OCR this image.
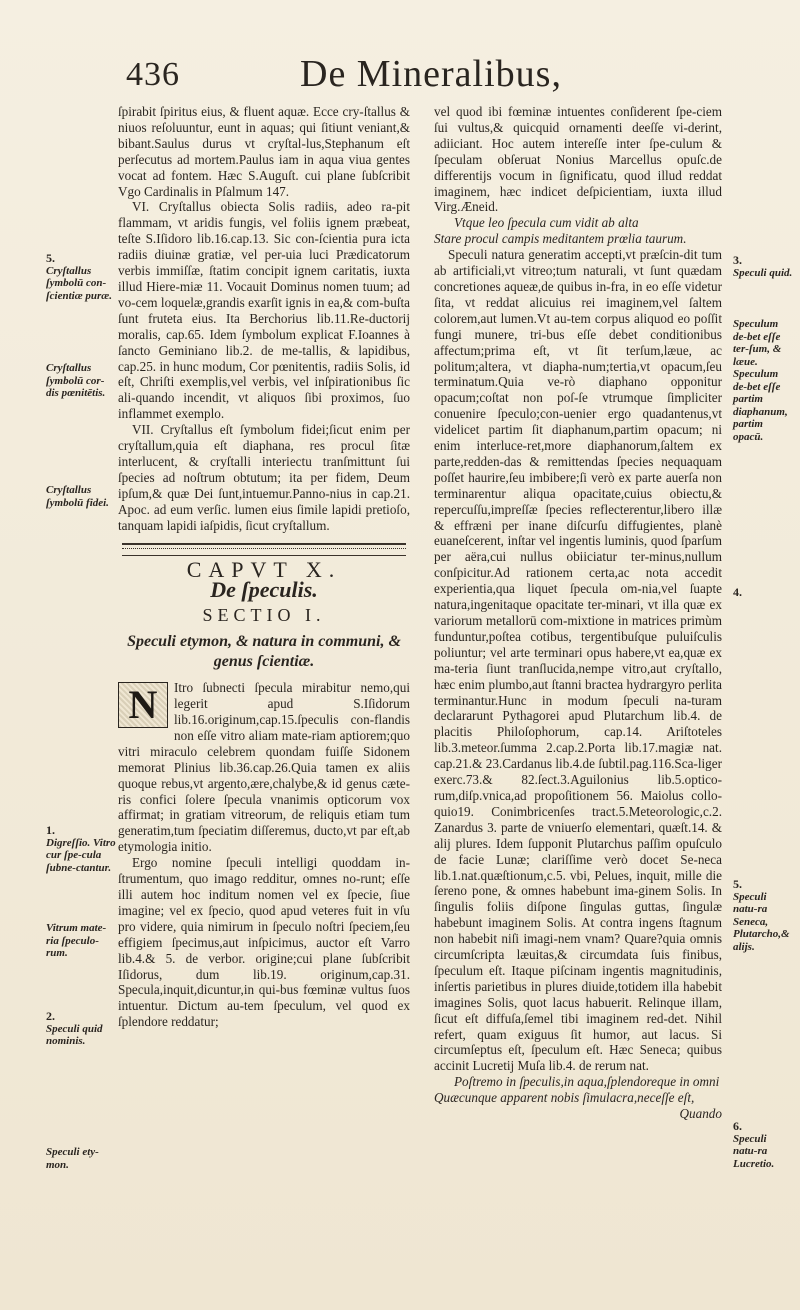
436	De Mineralibus,
5.
Cryſtallus ſymbolū con-ſcientiæ puræ.
Cryſtallus ſymbolū cor-dis pœnitētis.
Cryſtallus ſymbolū fidei.
1.
Digreſſio. Vitro cur ſpe-cula ſubne-ctantur.
Vitrum mate-ria ſpeculo-rum.
2.
Speculi quid nominis.
Speculi ety-mon.
3.
Speculi quid.
Speculum de-bet eſſe ter-ſum, & læue. Speculum de-bet eſſe partim diaphanum, partim opacū.
4.
5.
Speculi natu-ra Seneca, Plutarcho,& alijs.
6.
Speculi natu-ra Lucretio.

ſpirabit ſpiritus eius, & fluent aquæ. Ecce cry-ſtallus & niuos reſoluuntur, eunt in aquas; qui ſitiunt veniant,& bibant.Saulus durus vt cryſtal-lus,Stephanum eſt perſecutus ad mortem.Paulus iam in aqua viua gentes vocat ad fontem. Hæc S.Auguſt. cui plane ſubſcribit Vgo Cardinalis in Pſalmum 147.

VI. Cryſtallus obiecta Solis radiis, adeo ra-pit flammam, vt aridis fungis, vel foliis ignem præbeat, teſte S.Iſidoro lib.16.cap.13. Sic con-ſcientia pura icta radiis diuinæ gratiæ, vel per-uia luci Prædicatorum verbis immiſſæ, ſtatim concipit ignem caritatis, iuxta illud Hiere-miæ 11. Vocauit Dominus nomen tuum; ad vo-cem loquelæ,grandis exarſit ignis in ea,& com-buſta ſunt fruteta eius. Ita Berchorius lib.11.Re-ductorij moralis, cap.65. Idem ſymbolum explicat F.Ioannes à ſancto Geminiano lib.2. de me-tallis, & lapidibus, cap.25. in hunc modum, Cor pœnitentis, radiis Solis, id eſt, Chriſti exemplis,vel verbis, vel inſpirationibus ſic ali-quando incendit, vt aliquos ſibi proximos, ſuo inflammet exemplo.

VII. Cryſtallus eſt ſymbolum fidei;ſicut enim per cryſtallum,quia eſt diaphana, res procul ſitæ interlucent, & cryſtalli interiectu tranſmittunt ſui ſpecies ad noſtrum obtutum; ita per fidem, Deum ipſum,& quæ Dei ſunt,intuemur.Panno-nius in cap.21. Apoc. ad eum verſic. lumen eius ſimile lapidi pretioſo, tanquam lapidi iaſpidis, ſicut cryſtallum.

CAPVT X.
De ſpeculis.
SECTIO I.
Speculi etymon, & natura in communi, & genus ſcientiæ.
N	Itro ſubnecti ſpecula mirabitur nemo,qui legerit apud S.Iſidorum lib.16.originum,cap.15.ſpeculis con-flandis non eſſe vitro aliam mate-riam aptiorem;quo vitri miraculo celebrem quondam fuiſſe Sidonem memorat Plinius lib.36.cap.26.Quia tamen ex aliis quoque rebus,vt argento,ære,chalybe,& id genus cæte-ris confici ſolere ſpecula vnanimis opticorum vox affirmat; in gratiam vitreorum, de reliquis etiam tum generatim,tum ſpeciatim diſſeremus, ducto,vt par eſt,ab etymologia initio.

Ergo nomine ſpeculi intelligi quoddam in-ſtrumentum, quo imago redditur, omnes no-runt; eſſe illi autem hoc inditum nomen vel ex ſpecie, ſiue imagine; vel ex ſpecio, quod apud veteres fuit in vſu pro videre, quia nimirum in ſpeculo noſtri ſpeciem,ſeu effigiem ſpecimus,aut inſpicimus, auctor eſt Varro lib.4.& 5. de verbor. origine;cui plane ſubſcribit Iſidorus, dum lib.19. originum,cap.31. Specula,inquit,dicuntur,in qui-bus fœminæ vultus ſuos intuentur. Dictum au-tem ſpeculum, vel quod ex ſplendore reddatur;

vel quod ibi fœminæ intuentes conſiderent ſpe-ciem ſui vultus,& quicquid ornamenti deeſſe vi-derint, adiiciant. Hoc autem intereſſe inter ſpe-culum & ſpeculam obſeruat Nonius Marcellus opuſc.de differentijs vocum in ſignificatu, quod illud reddat imaginem, hæc indicet deſpicientiam, iuxta illud Virg.Æneid.

Vtque leo ſpecula cum vidit ab alta

Stare procul campis meditantem prœlia taurum.

Speculi natura generatim accepti,vt præſcin-dit tum ab artificiali,vt vitreo;tum naturali, vt ſunt quædam concretiones aqueæ,de quibus in-fra, in eo eſſe videtur ſita, vt reddat alicuius rei imaginem,vel ſaltem colorem,aut lumen.Vt au-tem corpus aliquod eo poſſit fungi munere, tri-bus eſſe debet conditionibus affectum;prima eſt, vt ſit terſum,læue, ac politum;altera, vt diapha-num;tertia,vt opacum,ſeu terminatum.Quia ve-rò diaphano opponitur opacum;coſtat non poſ-ſe vtrumque ſimpliciter conuenire ſpeculo;con-uenier ergo quadantenus,vt videlicet partim ſit diaphanum,partim opacum; ni enim interluce-ret,more diaphanorum,ſaltem ex parte,redden-das & remittendas ſpecies nequaquam poſſet haurire,ſeu imbibere;ſi verò ex parte auerſa non terminarentur aliqua opacitate,cuius obiectu,& repercuſſu,impreſſæ ſpecies reflecterentur,libero illæ & effræni per inane diſcurſu diffugientes, planè euaneſcerent, inſtar vel ingentis luminis, quod ſparſum per aëra,cui nullus obiiciatur ter-minus,nullum conſpicitur.Ad rationem certa,ac nota accedit experientia,qua liquet ſpecula om-nia,vel ſuapte natura,ingenitaque opacitate ter-minari, vt illa quæ ex variorum metallorū com-mixtione in matrices primùm funduntur,poſtea cotibus, tergentibuſque puluiſculis poliuntur; vel arte terminari opus habere,vt ea,quæ ex ma-teria ſiunt tranſlucida,nempe vitro,aut cryſtallo, hæc enim plumbo,aut ſtanni bractea hydrargyro perlita terminantur.Hunc in modum ſpeculi na-turam declararunt Pythagorei apud Plutarchum lib.4. de placitis Philoſophorum, cap.14. Ariſtoteles lib.3.meteor.ſumma 2.cap.2.Porta lib.17.magiæ nat. cap.21.& 23.Cardanus lib.4.de ſubtil.pag.116.Sca-liger exerc.73.& 82.ſect.3.Aguilonius lib.5.optico-rum,diſp.vnica,ad propoſitionem 56. Maiolus collo-quio19. Conimbricenſes tract.5.Meteorologic,c.2. Zanardus 3. parte de vniuerſo elementari, quæſt.14. & alij plures. Idem ſupponit Plutarchus paſſim opuſculo de facie Lunæ; clariſſime verò docet Se-neca lib.1.nat.quæſtionum,c.5. vbi, Pelues, inquit, mille die ſereno pone, & omnes habebunt ima-ginem Solis. In ſingulis foliis diſpone ſingulas guttas, ſingulæ habebunt imaginem Solis. At contra ingens ſtagnum non habebit niſi imagi-nem vnam? Quare?quia omnis circumſcripta læuitas,& circumdata ſuis finibus, ſpeculum eſt. Itaque piſcinam ingentis magnitudinis, inſertis parietibus in plures diuide,totidem illa habebit imagines Solis, quot lacus habuerit. Relinque illam, ſicut eſt diffuſa,ſemel tibi imaginem red-det. Nihil refert, quam exiguus ſit humor, aut lacus. Si circumſeptus eſt, ſpeculum eſt. Hæc Seneca; quibus accinit Lucretij Muſa lib.4. de rerum nat.

Poſtremo in ſpeculis,in aqua,ſplendoreque in omni

Quæcunque apparent nobis ſimulacra,neceſſe eſt,

Quando
